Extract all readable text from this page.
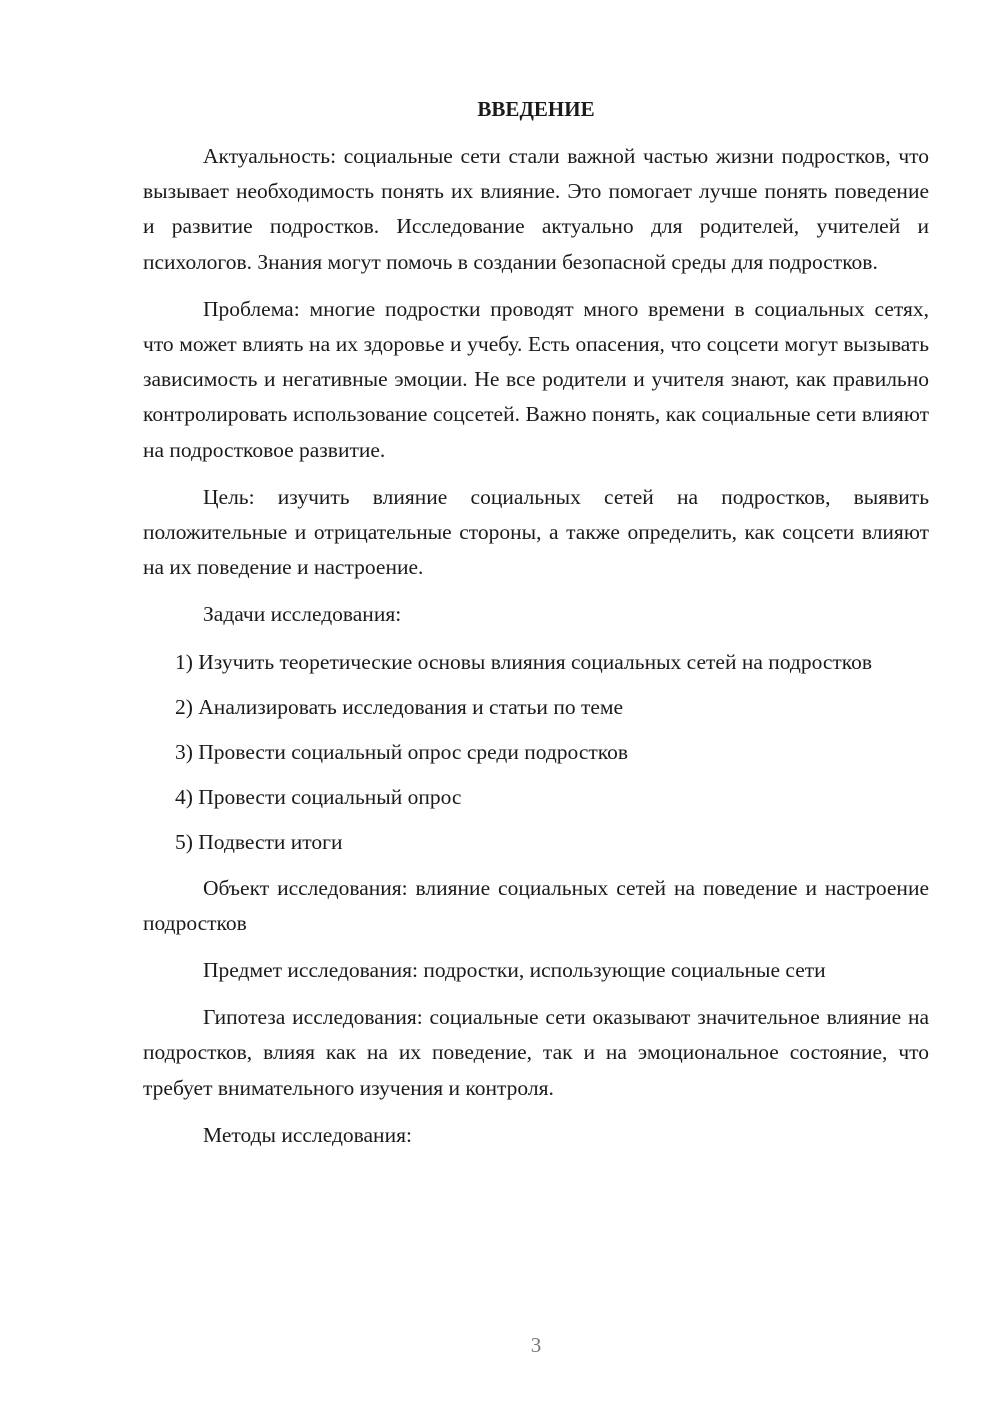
ВВЕДЕНИЕ

Актуальность: социальные сети стали важной частью жизни подростков, что вызывает необходимость понять их влияние. Это помогает лучше понять поведение и развитие подростков. Исследование актуально для родителей, учителей и психологов. Знания могут помочь в создании безопасной среды для подростков.

Проблема: многие подростки проводят много времени в социальных сетях, что может влиять на их здоровье и учебу. Есть опасения, что соцсети могут вызывать зависимость и негативные эмоции. Не все родители и учителя знают, как правильно контролировать использование соцсетей. Важно понять, как социальные сети влияют на подростковое развитие.

Цель: изучить влияние социальных сетей на подростков, выявить положительные и отрицательные стороны, а также определить, как соцсети влияют на их поведение и настроение.

Задачи исследования:

1) Изучить теоретические основы влияния социальных сетей на подростков

2) Анализировать исследования и статьи по теме

3) Провести социальный опрос среди подростков

4) Провести социальный опрос

5) Подвести итоги

Объект исследования: влияние социальных сетей на поведение и настроение подростков

Предмет исследования: подростки, использующие социальные сети

Гипотеза исследования: социальные сети оказывают значительное влияние на подростков, влияя как на их поведение, так и на эмоциональное состояние, что требует внимательного изучения и контроля.

Методы исследования:

3
